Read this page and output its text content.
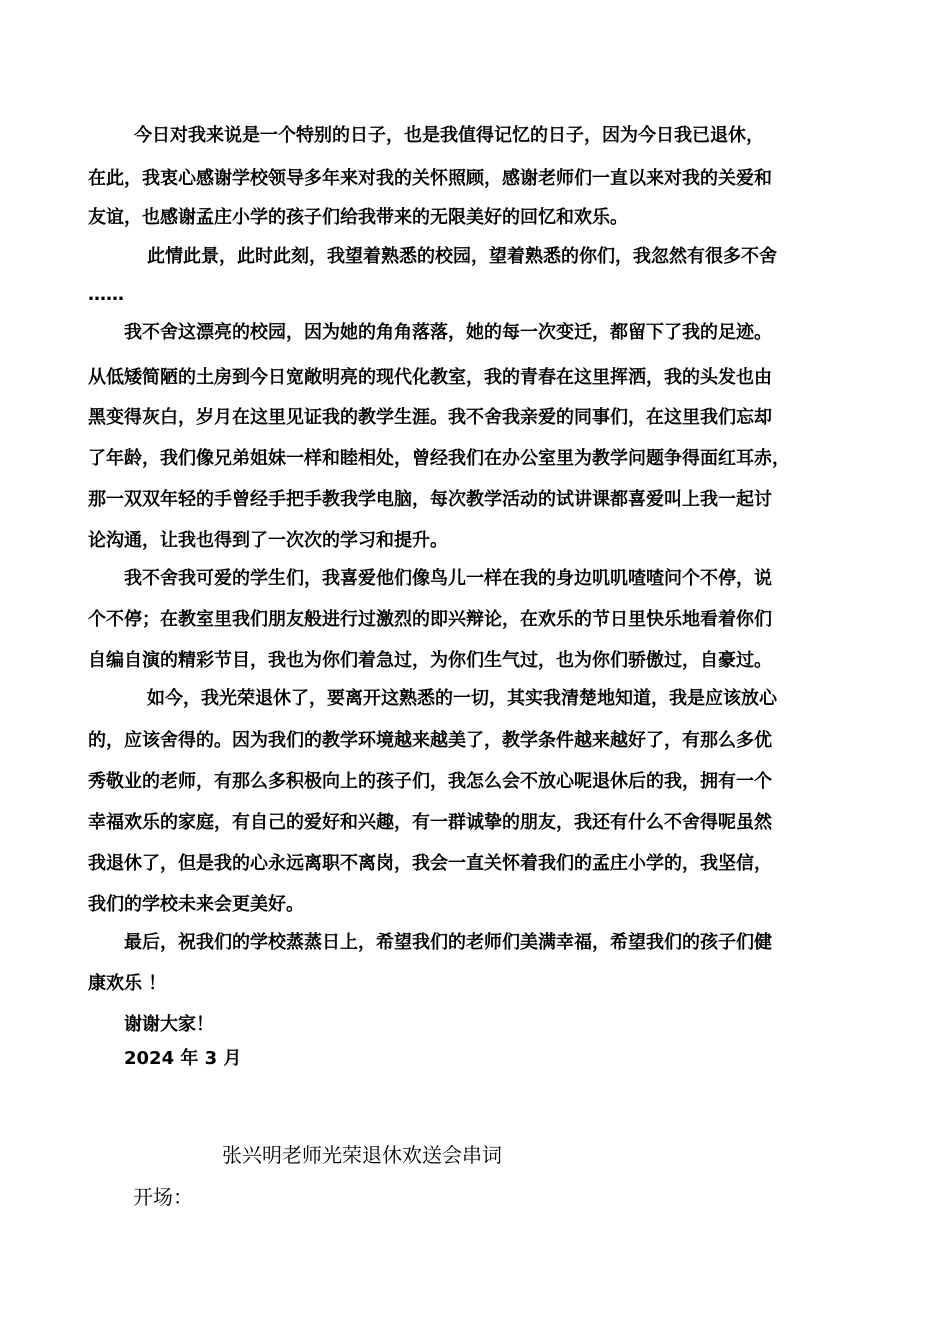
今日对我来说是一个特别的日子，也是我值得记忆的日子，因为今日我已退休，
在此，我衷心感谢学校领导多年来对我的关怀照顾，感谢老师们一直以来对我的关爱和
友谊，也感谢孟庄小学的孩子们给我带来的无限美好的回忆和欢乐。
此情此景，此时此刻，我望着熟悉的校园，望着熟悉的你们，我忽然有很多不舍
……
我不舍这漂亮的校园，因为她的角角落落，她的每一次变迁，都留下了我的足迹。
从低矮简陋的土房到今日宽敞明亮的现代化教室，我的青春在这里挥洒，我的头发也由
黑变得灰白，岁月在这里见证我的教学生涯。我不舍我亲爱的同事们，在这里我们忘却
了年龄，我们像兄弟姐妹一样和睦相处，曾经我们在办公室里为教学问题争得面红耳赤，
那一双双年轻的手曾经手把手教我学电脑，每次教学活动的试讲课都喜爱叫上我一起讨
论沟通，让我也得到了一次次的学习和提升。
我不舍我可爱的学生们，我喜爱他们像鸟儿一样在我的身边叽叽喳喳问个不停，说
个不停；在教室里我们朋友般进行过激烈的即兴辩论，在欢乐的节日里快乐地看着你们
自编自演的精彩节目，我也为你们着急过，为你们生气过，也为你们骄傲过，自豪过。
如今，我光荣退休了，要离开这熟悉的一切，其实我清楚地知道，我是应该放心
的，应该舍得的。因为我们的教学环境越来越美了，教学条件越来越好了，有那么多优
秀敬业的老师，有那么多积极向上的孩子们，我怎么会不放心呢退休后的我，拥有一个
幸福欢乐的家庭，有自己的爱好和兴趣，有一群诚挚的朋友，我还有什么不舍得呢虽然
我退休了，但是我的心永远离职不离岗，我会一直关怀着我们的孟庄小学的，我坚信，
我们的学校未来会更美好。
最后，祝我们的学校蒸蒸日上，希望我们的老师们美满幸福，希望我们的孩子们健
康欢乐 ！
谢谢大家！
2024 年 3 月
张兴明老师光荣退休欢送会串词
开场：
